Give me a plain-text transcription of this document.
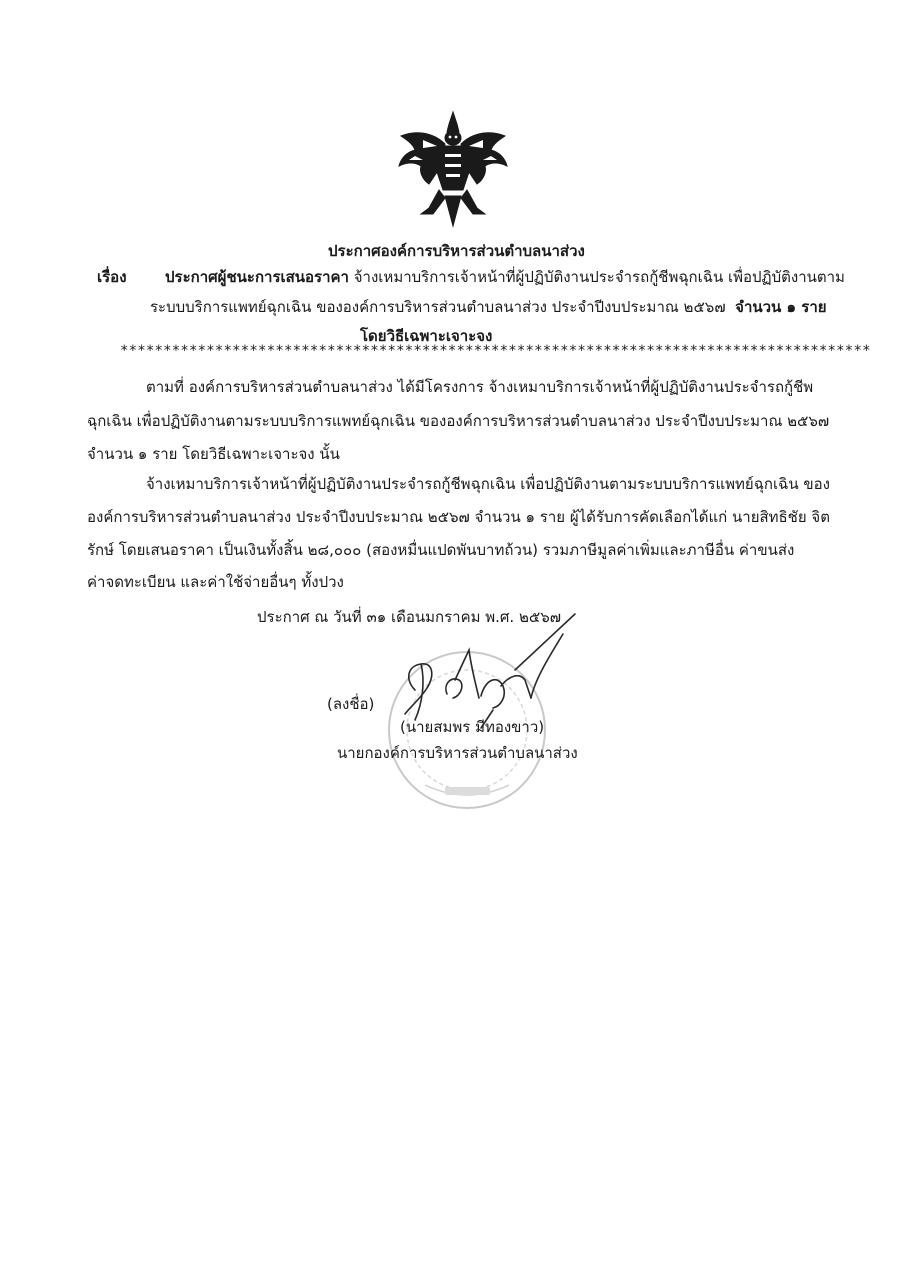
ประกาศองค์การบริหารส่วนตำบลนาส่วง
เรื่อง	ประกาศผู้ชนะการเสนอราคา จ้างเหมาบริการเจ้าหน้าที่ผู้ปฏิบัติงานประจำรถกู้ชีพฉุกเฉิน เพื่อปฏิบัติงานตาม
ระบบบริการแพทย์ฉุกเฉิน ขององค์การบริหารส่วนตำบลนาส่วง ประจำปีงบประมาณ ๒๕๖๗ จำนวน ๑ ราย
โดยวิธีเฉพาะเจาะจง
***************************************************************************************
ตามที่ องค์การบริหารส่วนตำบลนาส่วง ได้มีโครงการ จ้างเหมาบริการเจ้าหน้าที่ผู้ปฏิบัติงานประจำรถกู้ชีพ
ฉุกเฉิน เพื่อปฏิบัติงานตามระบบบริการแพทย์ฉุกเฉิน ขององค์การบริหารส่วนตำบลนาส่วง ประจำปีงบประมาณ ๒๕๖๗
จำนวน ๑ ราย โดยวิธีเฉพาะเจาะจง นั้น
จ้างเหมาบริการเจ้าหน้าที่ผู้ปฏิบัติงานประจำรถกู้ชีพฉุกเฉิน เพื่อปฏิบัติงานตามระบบบริการแพทย์ฉุกเฉิน ของ
องค์การบริหารส่วนตำบลนาส่วง ประจำปีงบประมาณ ๒๕๖๗ จำนวน ๑ ราย ผู้ได้รับการคัดเลือกได้แก่ นายสิทธิชัย จิต
รักษ์ โดยเสนอราคา เป็นเงินทั้งสิ้น ๒๘,๐๐๐ (สองหมื่นแปดพันบาทถ้วน) รวมภาษีมูลค่าเพิ่มและภาษีอื่น ค่าขนส่ง
ค่าจดทะเบียน และค่าใช้จ่ายอื่นๆ ทั้งปวง
ประกาศ ณ วันที่ ๓๑ เดือนมกราคม พ.ศ. ๒๕๖๗
(ลงชื่อ)
(นายสมพร มีทองขาว)
นายกองค์การบริหารส่วนตำบลนาส่วง
